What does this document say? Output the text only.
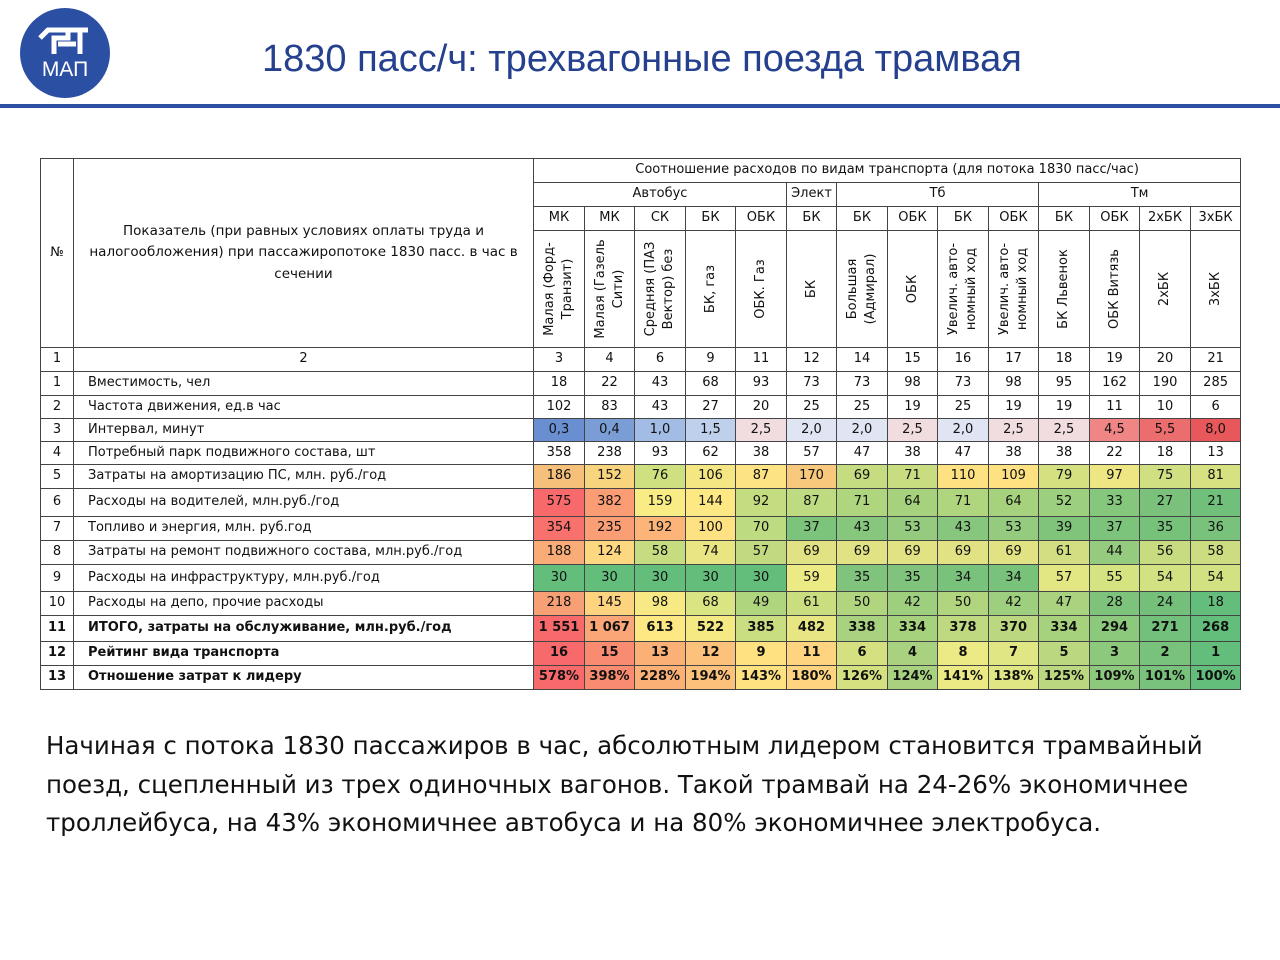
МАП	1830 пасс/ч: трехвагонные поезда трамвая
№	Показатель (при равных условиях оплаты труда и налогообложения) при пассажиропотоке 1830 пасс. в час в сечении	Соотношение расходов по видам транспорта (для потока 1830 пасс/час)													
		Автобус					Элект	Тб				Тм			
		МК	МК	СК	БК	ОБК	БК	БК	ОБК	БК	ОБК	БК	ОБК	2хБК	3хБК

		Малая (Форд-Транзит)	Малая (Газель Сити)	Средняя (ПАЗ Вектор) без	БК, газ	ОБК. Газ	БК	Большая (Адмирал)	ОБК	Увелич. авто-номный ход	Увелич. авто-номный ход	БК Львенок	ОБК Витязь	2хБК	3хБК

1	2	3	4	6	9	11	12	14	15	16	17	18	19	20	21
1	Вместимость, чел	18	22	43	68	93	73	73	98	73	98	95	162	190	285
2	Частота движения, ед.в час	102	83	43	27	20	25	25	19	25	19	19	11	10	6
3	Интервал, минут	0,3	0,4	1,0	1,5	2,5	2,0	2,0	2,5	2,0	2,5	2,5	4,5	5,5	8,0
4	Потребный парк подвижного состава, шт	358	238	93	62	38	57	47	38	47	38	38	22	18	13
5	Затраты на амортизацию ПС, млн. руб./год	186	152	76	106	87	170	69	71	110	109	79	97	75	81
6	Расходы на водителей, млн.руб./год	575	382	159	144	92	87	71	64	71	64	52	33	27	21
7	Топливо и энергия, млн. руб.год	354	235	192	100	70	37	43	53	43	53	39	37	35	36
8	Затраты на ремонт подвижного состава, млн.руб./год	188	124	58	74	57	69	69	69	69	69	61	44	56	58
9	Расходы на инфраструктуру, млн.руб./год	30	30	30	30	30	59	35	35	34	34	57	55	54	54
10	Расходы на депо, прочие расходы	218	145	98	68	49	61	50	42	50	42	47	28	24	18
11	ИТОГО, затраты на обслуживание, млн.руб./год	1 551	1 067	613	522	385	482	338	334	378	370	334	294	271	268
12	Рейтинг вида транспорта	16	15	13	12	9	11	6	4	8	7	5	3	2	1
13	Отношение затрат к лидеру	578%	398%	228%	194%	143%	180%	126%	124%	141%	138%	125%	109%	101%	100%
Начиная с потока 1830 пассажиров в час, абсолютным лидером становится трамвайный поезд, сцепленный из трех одиночных вагонов. Такой трамвай на 24-26% экономичнее троллейбуса, на 43% экономичнее автобуса и на 80% экономичнее электробуса.
